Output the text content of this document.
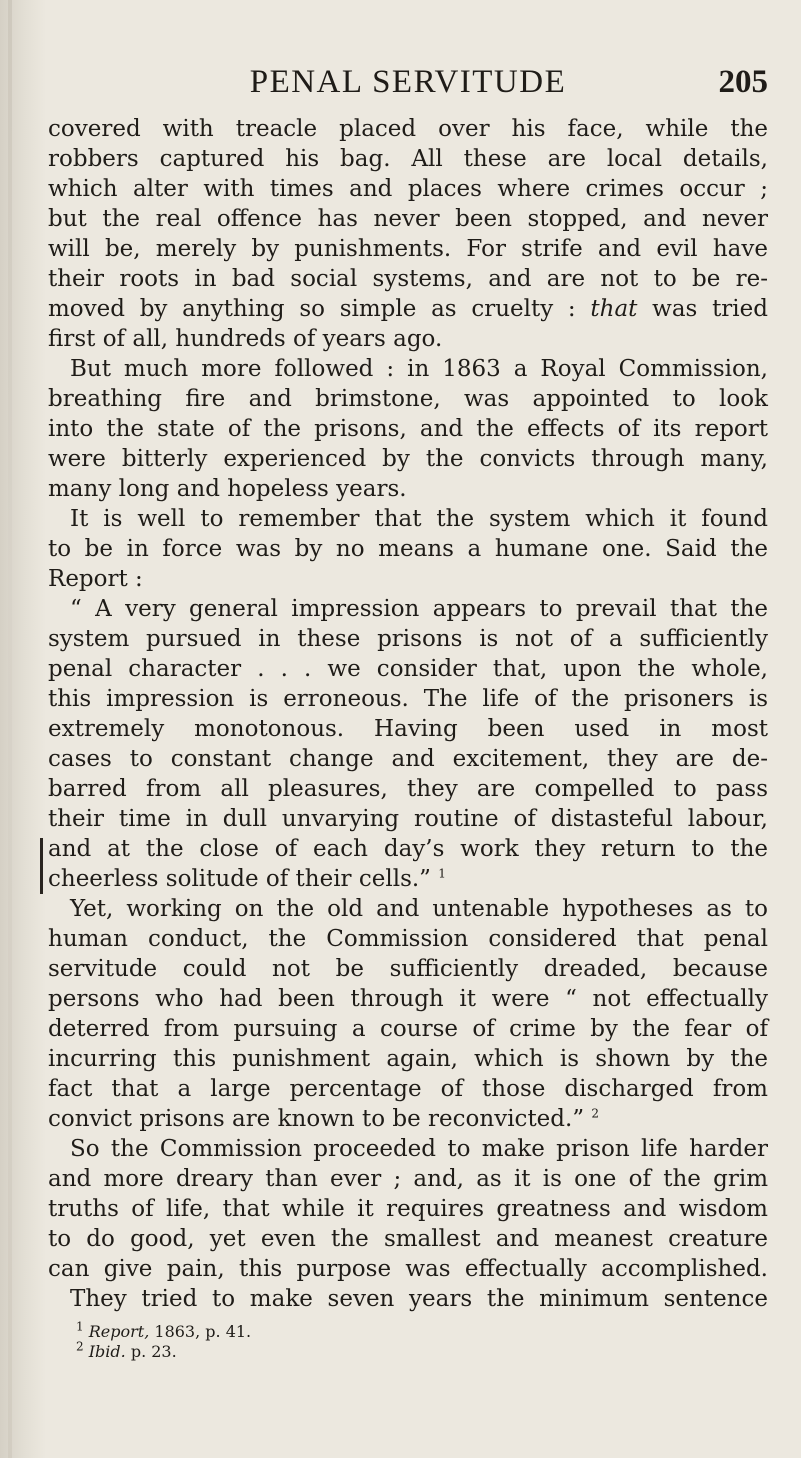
PENAL SERVITUDE	205
covered with treacle placed over his face, while the
robbers captured his bag. All these are local details,
which alter with times and places where crimes occur ;
but the real offence has never been stopped, and never
will be, merely by punishments. For strife and evil have
their roots in bad social systems, and are not to be re-
moved by anything so simple as cruelty : that was tried
first of all, hundreds of years ago.
But much more followed : in 1863 a Royal Commission,
breathing fire and brimstone, was appointed to look
into the state of the prisons, and the effects of its report
were bitterly experienced by the convicts through many,
many long and hopeless years.
It is well to remember that the system which it found
to be in force was by no means a humane one. Said the
Report :
“ A very general impression appears to prevail that the
system pursued in these prisons is not of a sufficiently
penal character . . . we consider that, upon the whole,
this impression is erroneous. The life of the prisoners is
extremely monotonous. Having been used in most
cases to constant change and excitement, they are de-
barred from all pleasures, they are compelled to pass
their time in dull unvarying routine of distasteful labour,
and at the close of each day’s work they return to the
cheerless solitude of their cells.” $^1$
Yet, working on the old and untenable hypotheses as to
human conduct, the Commission considered that penal
servitude could not be sufficiently dreaded, because
persons who had been through it were “ not effectually
deterred from pursuing a course of crime by the fear of
incurring this punishment again, which is shown by the
fact that a large percentage of those discharged from
convict prisons are known to be reconvicted.” $^2$
So the Commission proceeded to make prison life harder
and more dreary than ever ; and, as it is one of the grim
truths of life, that while it requires greatness and wisdom
to do good, yet even the smallest and meanest creature
can give pain, this purpose was effectually accomplished.
They tried to make seven years the minimum sentence
$^1$ Report, 1863, p. 41.
$^2$ Ibid. p. 23.
